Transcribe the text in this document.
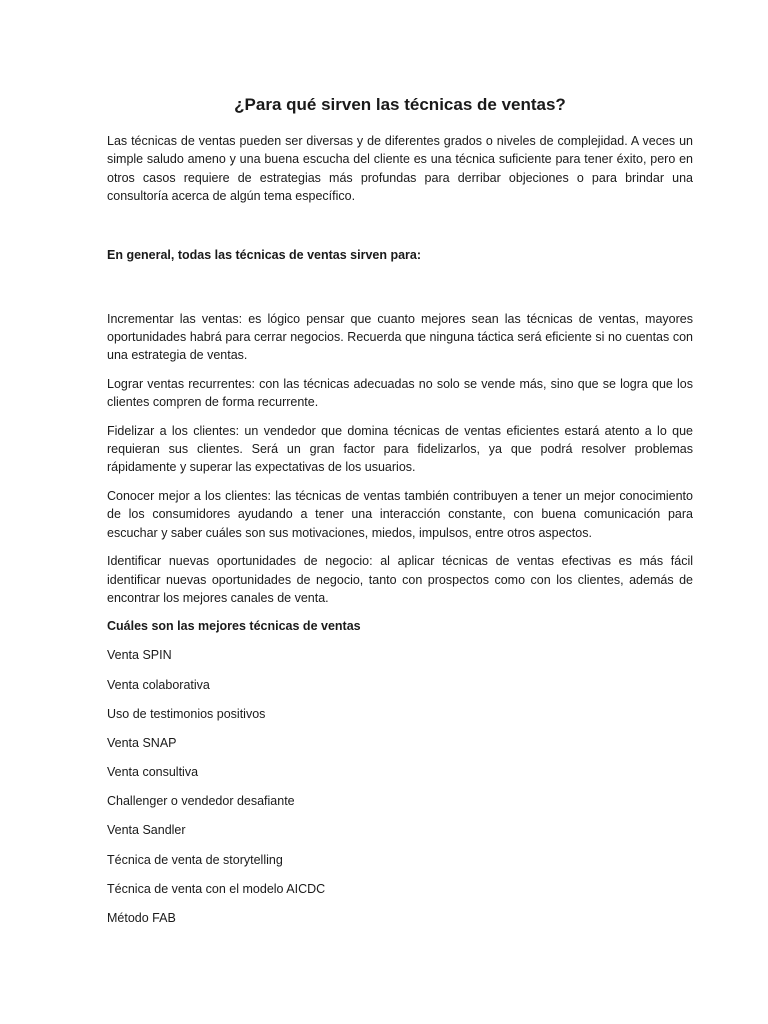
¿Para qué sirven las técnicas de ventas?

Las técnicas de ventas pueden ser diversas y de diferentes grados o niveles de complejidad. A veces un simple saludo ameno y una buena escucha del cliente es una técnica suficiente para tener éxito, pero en otros casos requiere de estrategias más profundas para derribar objeciones o para brindar una consultoría acerca de algún tema específico.

En general, todas las técnicas de ventas sirven para:

Incrementar las ventas: es lógico pensar que cuanto mejores sean las técnicas de ventas, mayores oportunidades habrá para cerrar negocios. Recuerda que ninguna táctica será eficiente si no cuentas con una estrategia de ventas.

Lograr ventas recurrentes: con las técnicas adecuadas no solo se vende más, sino que se logra que los clientes compren de forma recurrente.

Fidelizar a los clientes: un vendedor que domina técnicas de ventas eficientes estará atento a lo que requieran sus clientes. Será un gran factor para fidelizarlos, ya que podrá resolver problemas rápidamente y superar las expectativas de los usuarios.

Conocer mejor a los clientes: las técnicas de ventas también contribuyen a tener un mejor conocimiento de los consumidores ayudando a tener una interacción constante, con buena comunicación para escuchar y saber cuáles son sus motivaciones, miedos, impulsos, entre otros aspectos.

Identificar nuevas oportunidades de negocio: al aplicar técnicas de ventas efectivas es más fácil identificar nuevas oportunidades de negocio, tanto con prospectos como con los clientes, además de encontrar los mejores canales de venta.

Cuáles son las mejores técnicas de ventas

Venta SPIN
Venta colaborativa
Uso de testimonios positivos
Venta SNAP
Venta consultiva
Challenger o vendedor desafiante
Venta Sandler
Técnica de venta de storytelling
Técnica de venta con el modelo AICDC
Método FAB
